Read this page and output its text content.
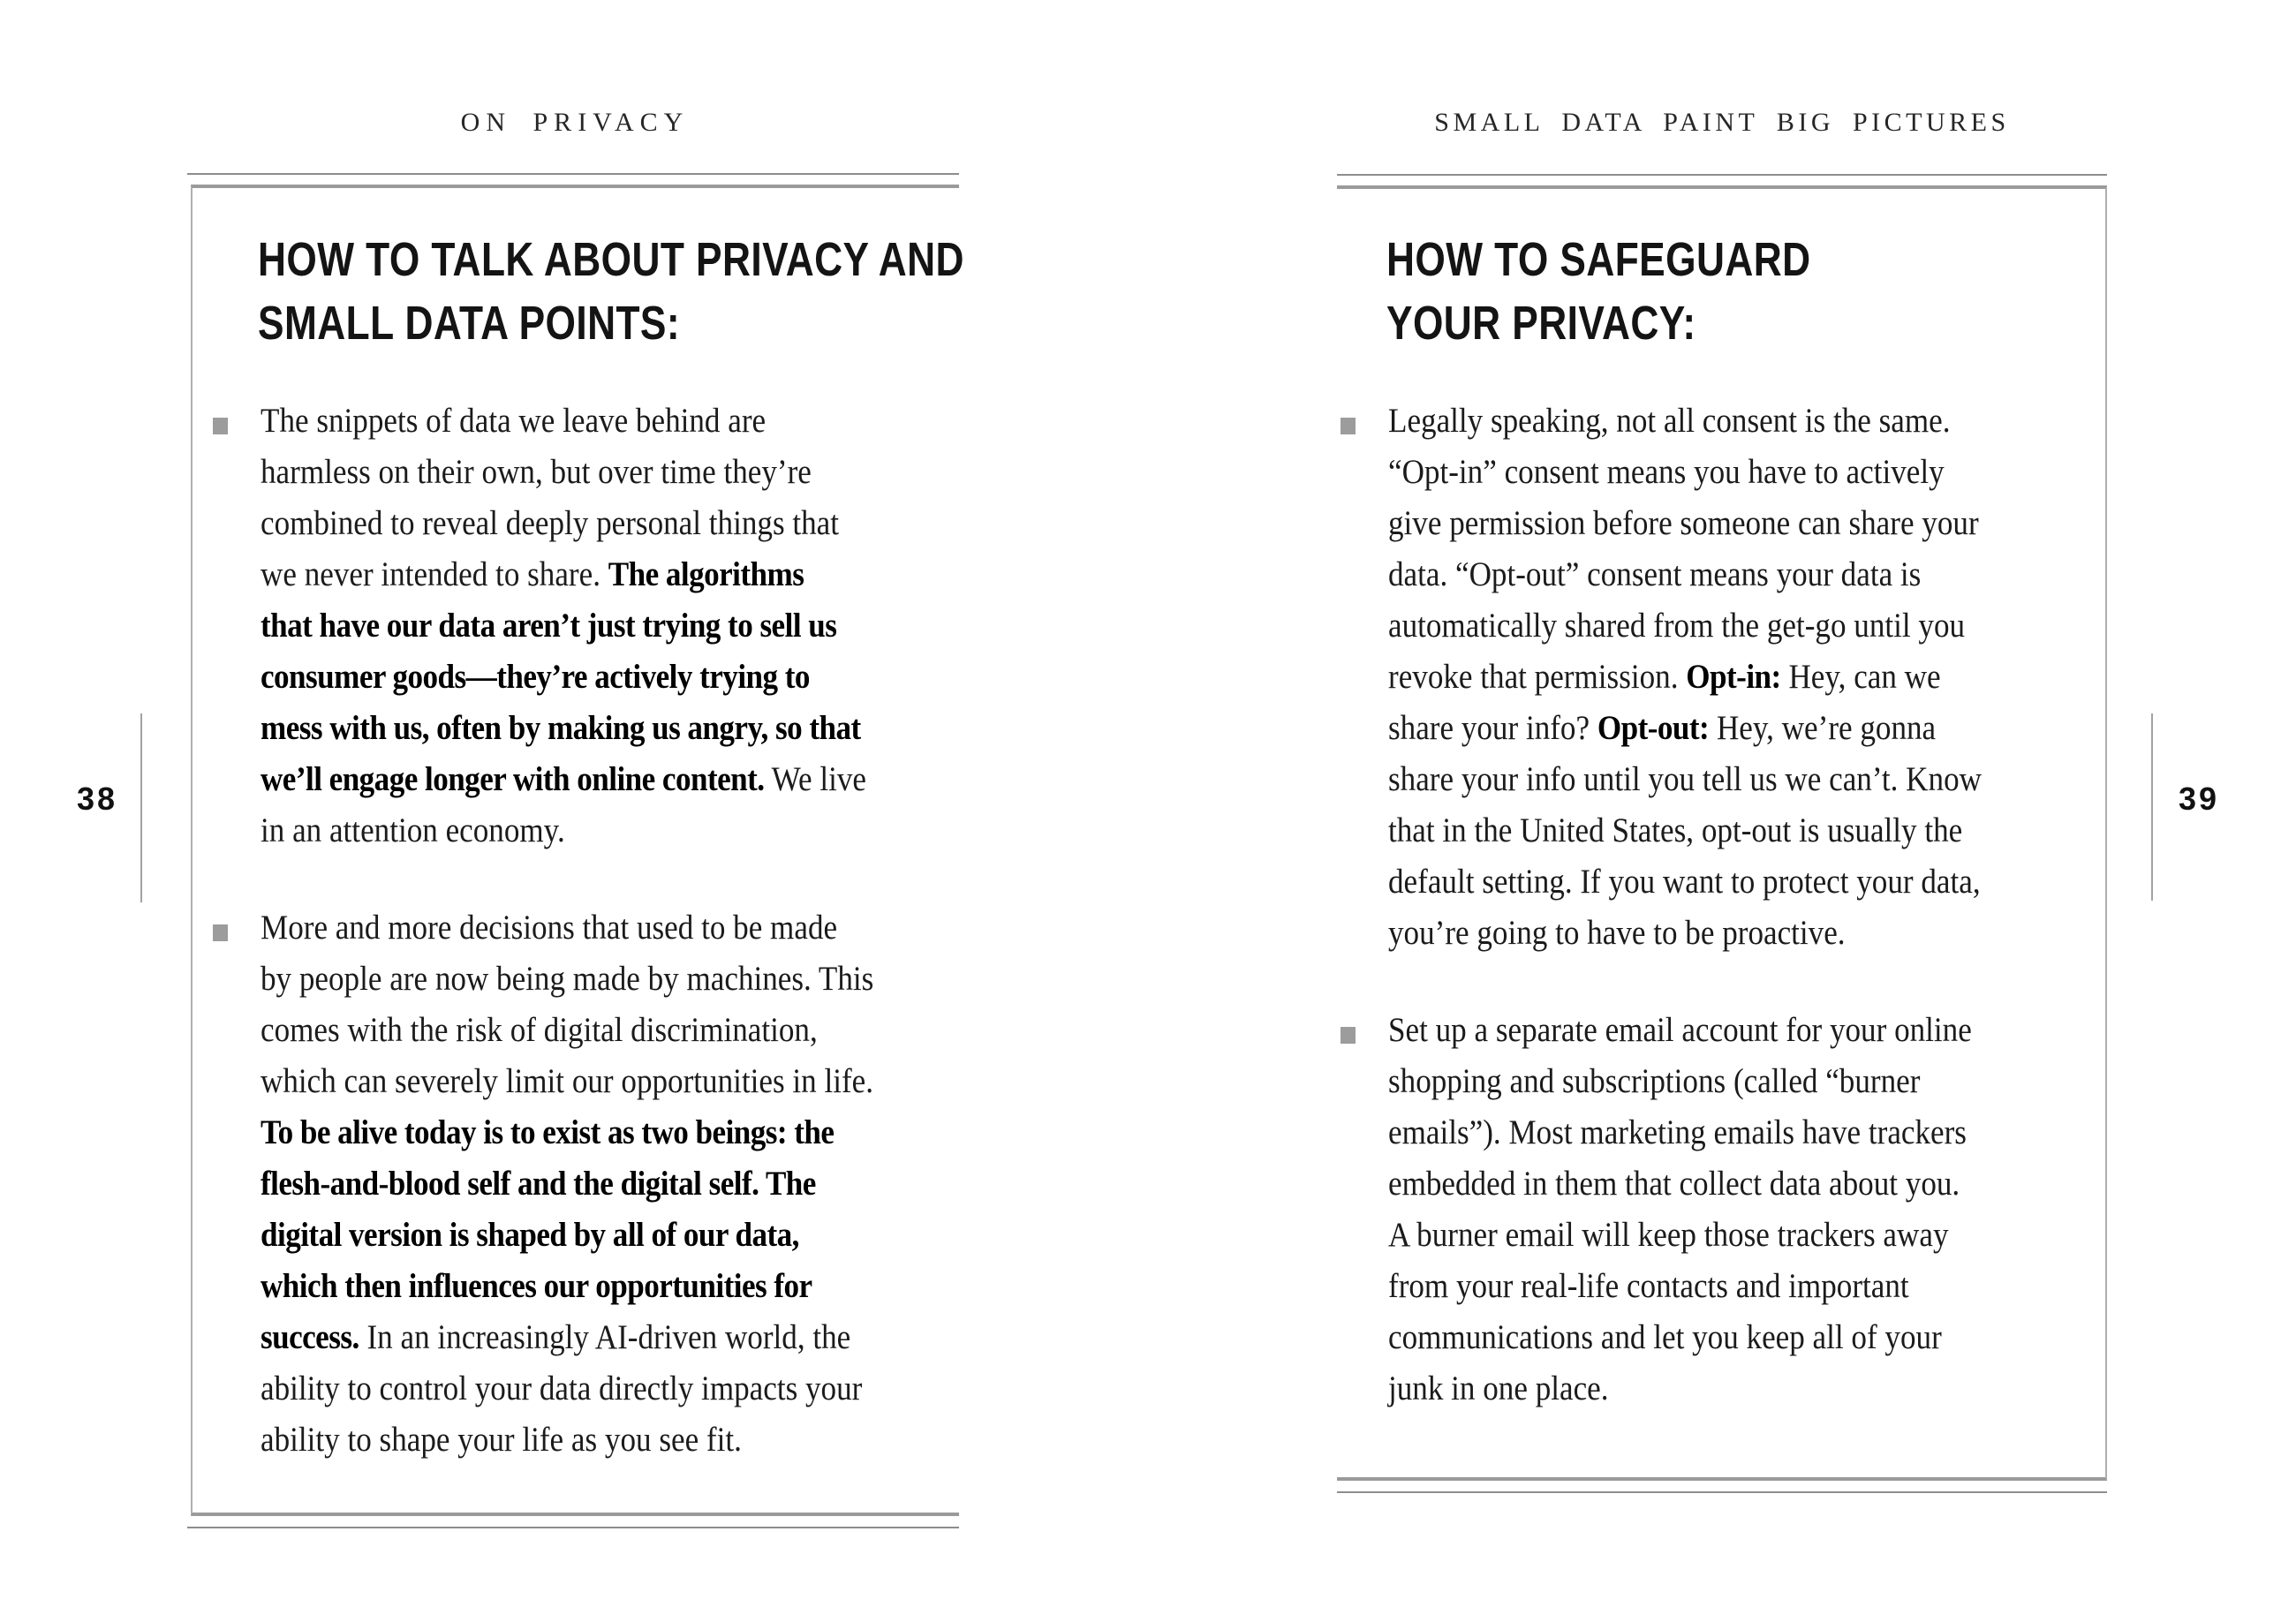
ON PRIVACY
HOW TO TALK ABOUT PRIVACY AND
SMALL DATA POINTS:
The snippets of data we leave behind are
harmless on their own, but over time they’re
combined to reveal deeply personal things that
we never intended to share. The algorithms
that have our data aren’t just trying to sell us
consumer goods—they’re actively trying to
mess with us, often by making us angry, so that
we’ll engage longer with online content. We live
in an attention economy.
More and more decisions that used to be made
by people are now being made by machines. This
comes with the risk of digital discrimination,
which can severely limit our opportunities in life.
To be alive today is to exist as two beings: the
flesh-and-blood self and the digital self. The
digital version is shaped by all of our data,
which then influences our opportunities for
success. In an increasingly AI-driven world, the
ability to control your data directly impacts your
ability to shape your life as you see fit.
38
SMALL DATA PAINT BIG PICTURES
HOW TO SAFEGUARD
YOUR PRIVACY:
Legally speaking, not all consent is the same.
“Opt-in” consent means you have to actively
give permission before someone can share your
data. “Opt-out” consent means your data is
automatically shared from the get-go until you
revoke that permission. Opt-in: Hey, can we
share your info? Opt-out: Hey, we’re gonna
share your info until you tell us we can’t. Know
that in the United States, opt-out is usually the
default setting. If you want to protect your data,
you’re going to have to be proactive.
Set up a separate email account for your online
shopping and subscriptions (called “burner
emails”). Most marketing emails have trackers
embedded in them that collect data about you.
A burner email will keep those trackers away
from your real-life contacts and important
communications and let you keep all of your
junk in one place.
39
